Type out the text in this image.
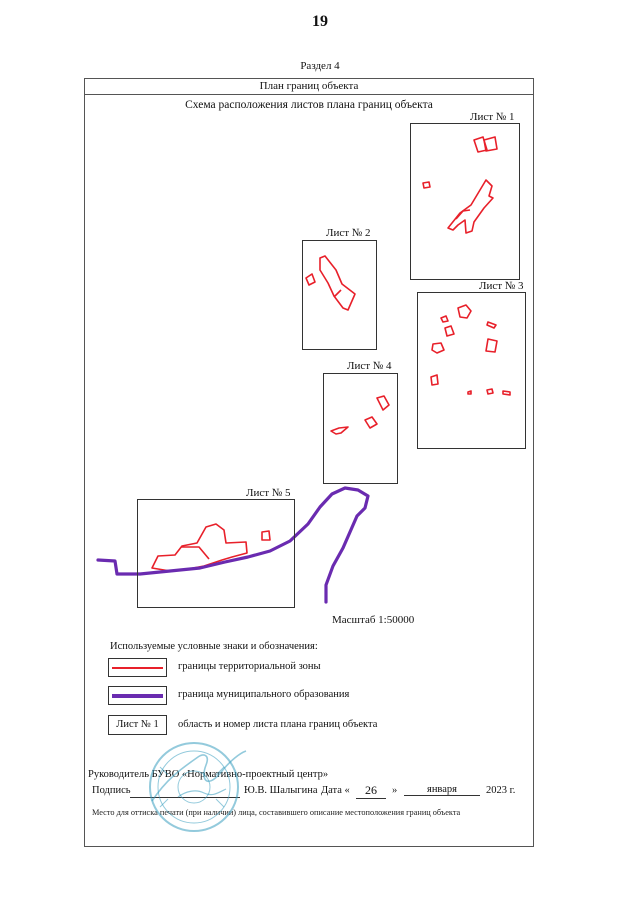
19
Раздел 4
План границ объекта
Схема расположения листов плана границ объекта
Лист № 1
Лист № 2
Лист № 3
Лист № 4
Лист № 5
Масштаб 1:50000
Используемые условные знаки и обозначения:
границы территориальной зоны
граница муниципального образования
Лист № 1	область и номер листа плана границ объекта
Руководитель БУВО «Нормативно-проектный центр»
Подпись	Ю.В. Шалыгина Дата «	26	»	января	2023 г.
Место для оттиска печати (при наличии) лица, составившего описание местоположения границ объекта
